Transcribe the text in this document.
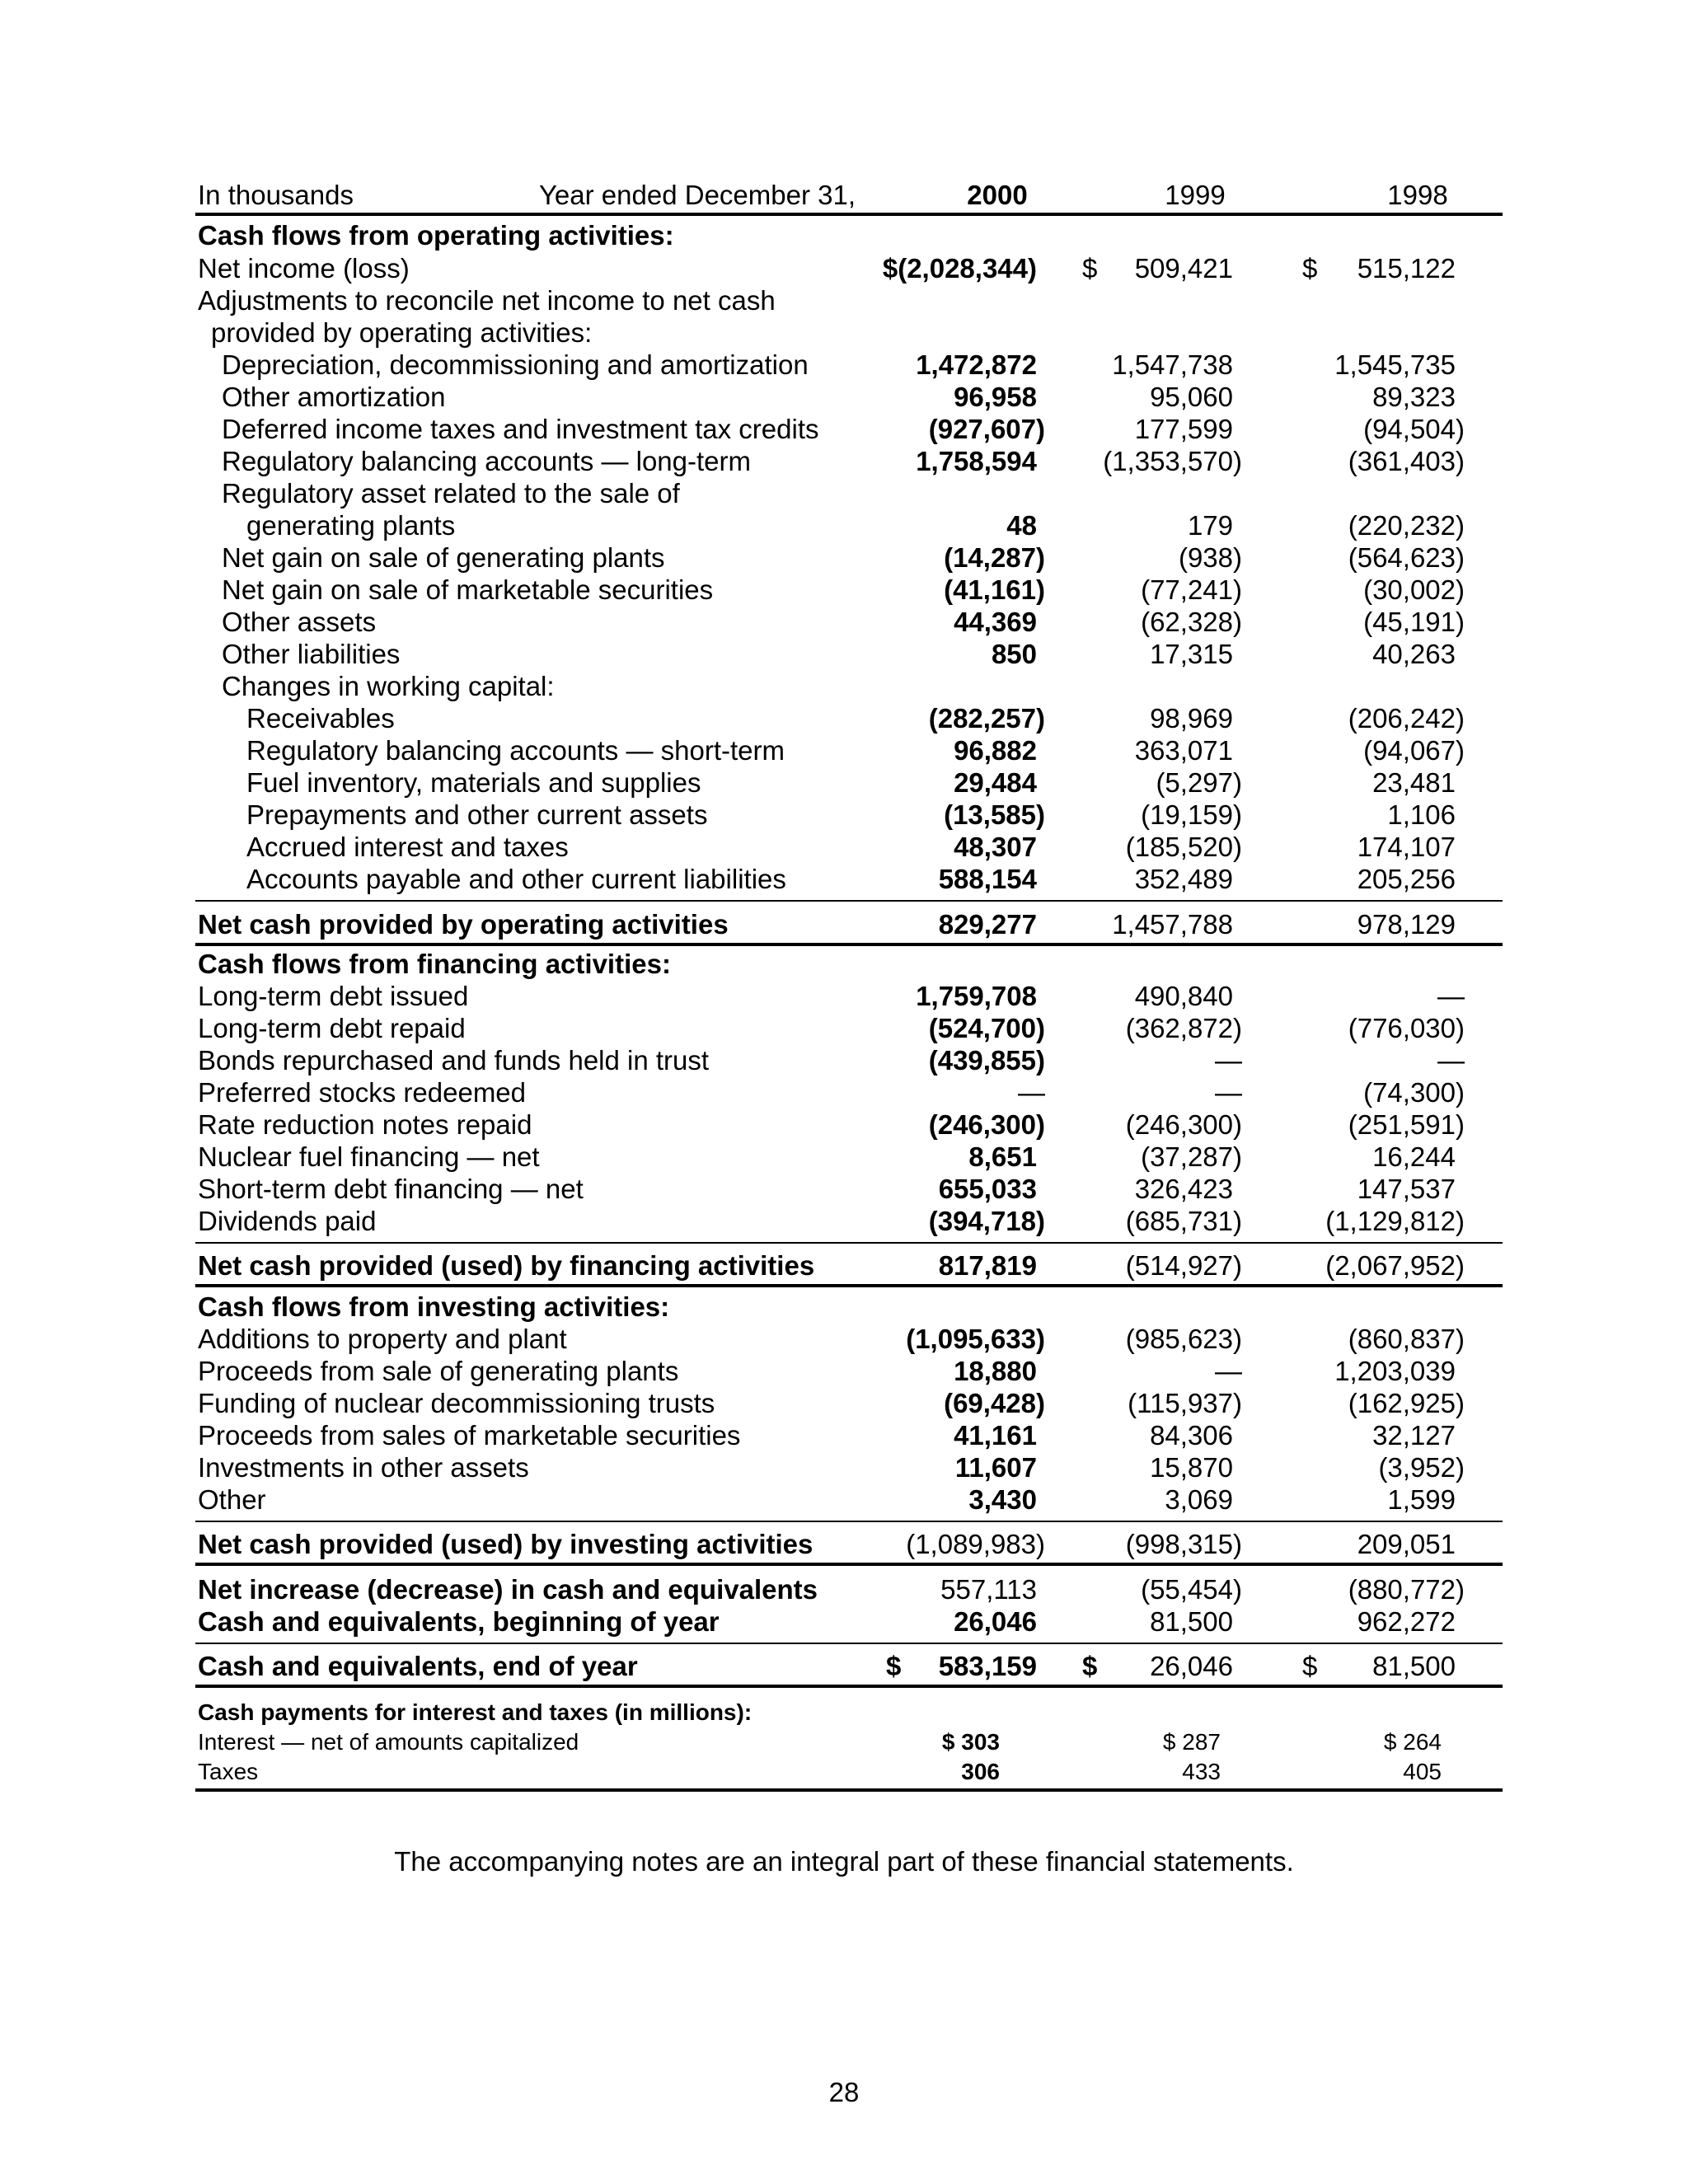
In thousands	Year ended December 31,	2000	1999	1998
Cash flows from operating activities:
Net income (loss)	$(2,028,344) $ 509,421	$ 515,122
Adjustments to reconcile net income to net cash
provided by operating activities:
Depreciation, decommissioning and amortization	1,472,872	1,547,738	1,545,735
Other amortization	96,958	95,060	89,323
Deferred income taxes and investment tax credits	(927,607)	177,599	(94,504)
Regulatory balancing accounts — long-term	1,758,594 (1,353,570)	(361,403)
Regulatory asset related to the sale of
generating plants	48	179	(220,232)
Net gain on sale of generating plants	(14,287)	(938)	(564,623)
Net gain on sale of marketable securities	(41,161)	(77,241)	(30,002)
Other assets	44,369	(62,328)	(45,191)
Other liabilities	850	17,315	40,263
Changes in working capital:
Receivables	(282,257)	98,969	(206,242)
Regulatory balancing accounts — short-term	96,882	363,071	(94,067)
Fuel inventory, materials and supplies	29,484	(5,297)	23,481
Prepayments and other current assets	(13,585)	(19,159)	1,106
Accrued interest and taxes	48,307	(185,520)	174,107
Accounts payable and other current liabilities	588,154	352,489	205,256
Net cash provided by operating activities	829,277	1,457,788	978,129
Cash flows from financing activities:
Long-term debt issued	1,759,708	490,840	—
Long-term debt repaid	(524,700)	(362,872)	(776,030)
Bonds repurchased and funds held in trust	(439,855)	—	—
Preferred stocks redeemed	—	—	(74,300)
Rate reduction notes repaid	(246,300)	(246,300)	(251,591)
Nuclear fuel financing — net	8,651	(37,287)	16,244
Short-term debt financing — net	655,033	326,423	147,537
Dividends paid	(394,718)	(685,731)	(1,129,812)
Net cash provided (used) by financing activities	817,819	(514,927)	(2,067,952)
Cash flows from investing activities:
Additions to property and plant	(1,095,633)	(985,623)	(860,837)
Proceeds from sale of generating plants	18,880	—	1,203,039
Funding of nuclear decommissioning trusts	(69,428)	(115,937)	(162,925)
Proceeds from sales of marketable securities	41,161	84,306	32,127
Investments in other assets	11,607	15,870	(3,952)
Other	3,430	3,069	1,599
Net cash provided (used) by investing activities	(1,089,983)	(998,315)	209,051
Net increase (decrease) in cash and equivalents	557,113	(55,454)	(880,772)
Cash and equivalents, beginning of year	26,046	81,500	962,272
Cash and equivalents, end of year	$ 583,159 $ 26,046	$ 81,500
Cash payments for interest and taxes (in millions):
Interest — net of amounts capitalized	$ 303	$ 287	$ 264
Taxes	306	433	405
The accompanying notes are an integral part of these financial statements.
28
